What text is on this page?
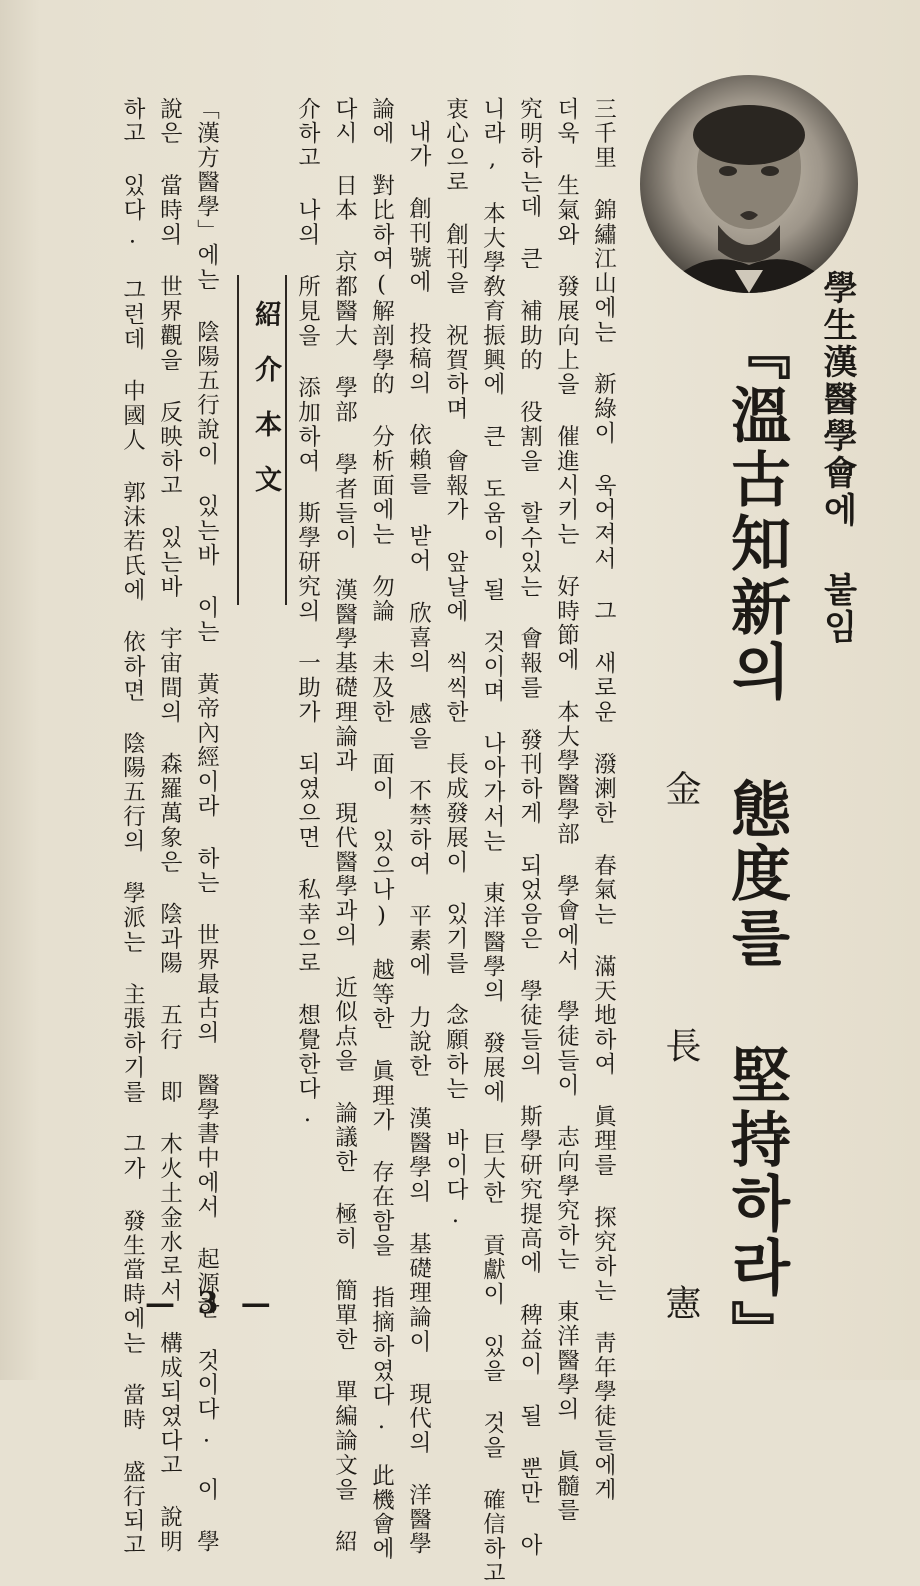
學生漢醫學會에 붙임
『溫古知新의 態度를 堅持하라』
金 長 憲
三千里 錦繡江山에는 新綠이 욱어져서 그 새로운 潑溂한 春氣는 滿天地하여 眞理를 探究하는 靑年學徒들에게
더욱 生氣와 發展向上을 催進시키는 好時節에 本大學醫學部 學會에서 學徒들이 志向學究하는 東洋醫學의 眞髓를
究明하는데 큰 補助的 役割을 할수있는 會報를 發刊하게 되었음은 學徒들의 斯學研究提高에 稗益이 될 뿐만 아
니라, 本大學敎育振興에 큰 도움이 될 것이며 나아가서는 東洋醫學의 發展에 巨大한 貢獻이 있을 것을 確信하고
衷心으로 創刊을 祝賀하며 會報가 앞날에 씩씩한 長成發展이 있기를 念願하는 바이다.
내가 創刊號에 投稿의 依賴를 받어 欣喜의 感을 不禁하여 平素에 力說한 漢醫學의 基礎理論이 現代의 洋醫學
論에 對比하여(解剖學的 分析面에는 勿論 未及한 面이 있으나) 越等한 眞理가 存在함을 指摘하였다. 此機會에
다시 日本 京都醫大 學部 學者들이 漢醫學基礎理論과 現代醫學과의 近似点을 論議한 極히 簡單한 單編論文을 紹
介하고 나의 所見을 添加하여 斯學研究의 一助가 되였으면 私幸으로 想覺한다.
紹介本文
「漢方醫學」에는 陰陽五行說이 있는바 이는 黃帝內經이라 하는 世界最古의 醫學書中에서 起源한 것이다. 이 學
說은 當時의 世界觀을 反映하고 있는바 宇宙間의 森羅萬象은 陰과陽 五行 即 木火土金水로서 構成되였다고 說明
하고 있다. 그런데 中國人 郭沫若氏에 依하면 陰陽五行의 學派는 主張하기를 그가 發生當時에는 當時 盛行되고 — 3 —
